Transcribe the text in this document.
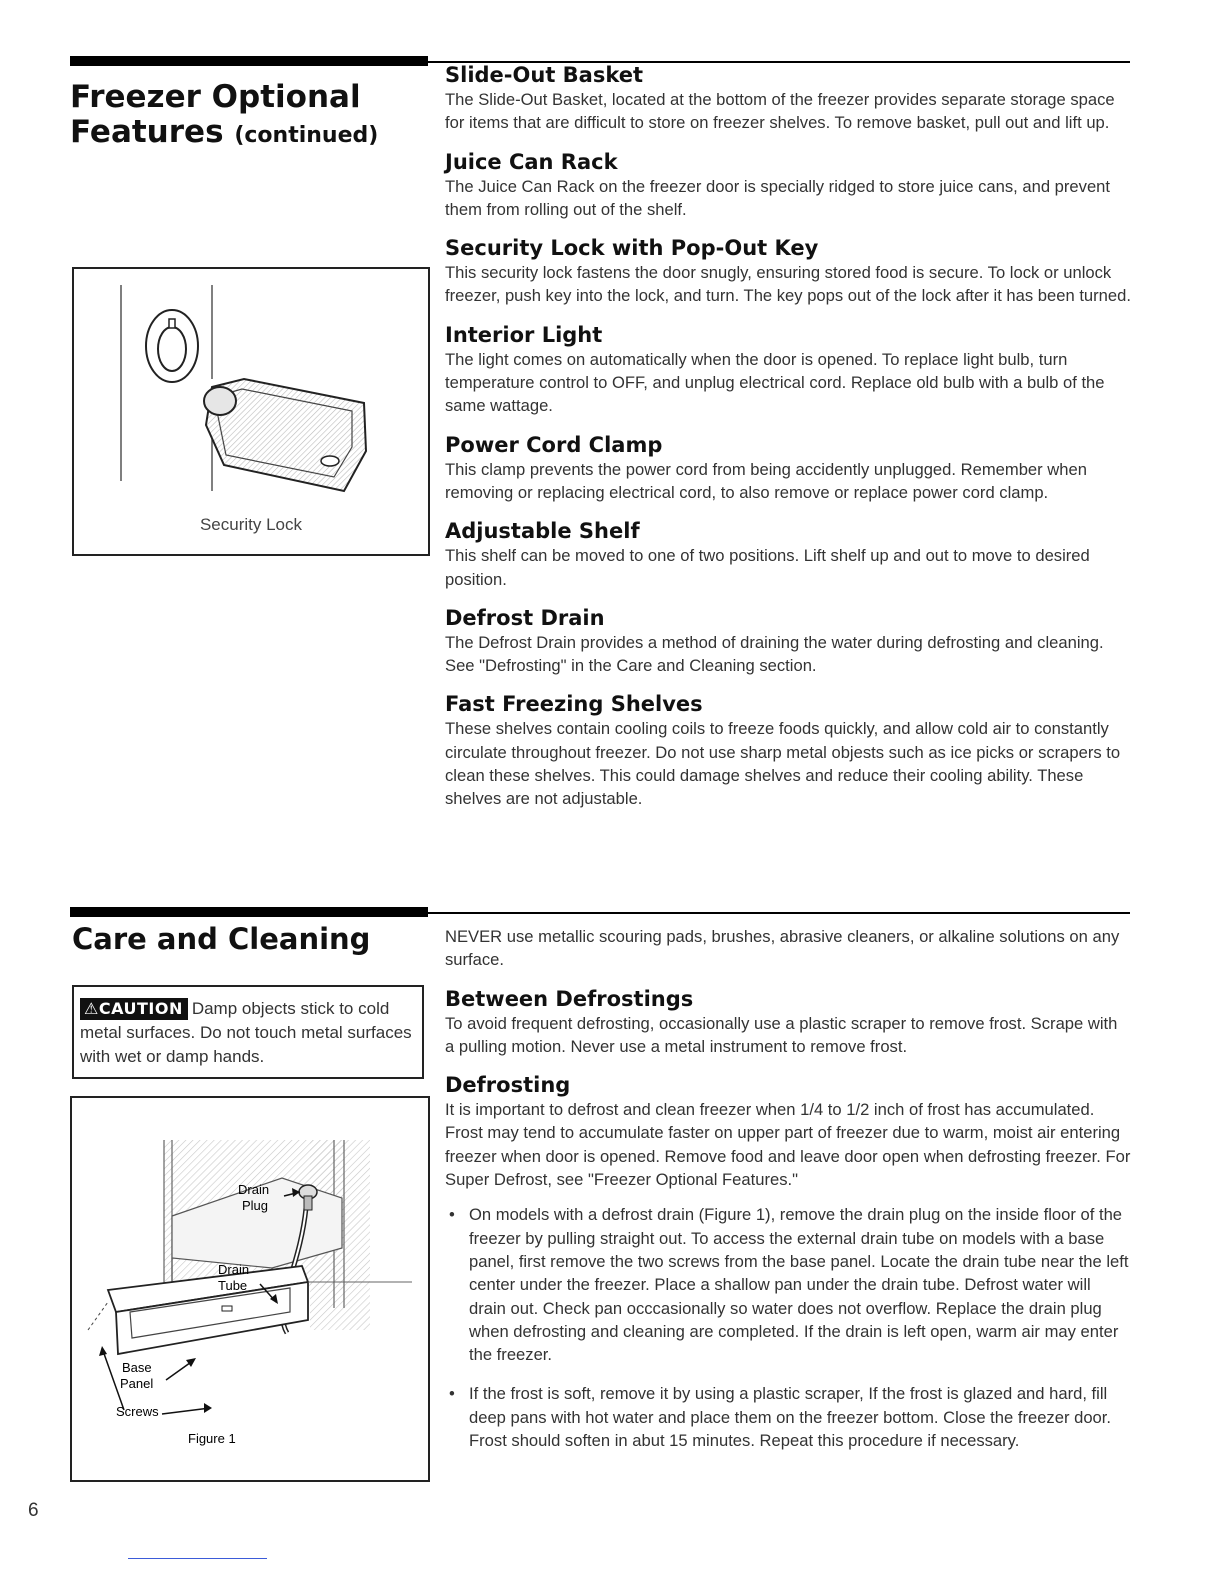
Freezer Optional
Features (continued)
Security Lock
Slide-Out Basket

The Slide-Out Basket, located at the bottom of the freezer provides separate storage space for items that are difficult to store on freezer shelves. To remove basket, pull out and lift up.

Juice Can Rack

The Juice Can Rack on the freezer door is specially ridged to store juice cans, and prevent them from rolling out of the shelf.

Security Lock with Pop-Out Key

This security lock fastens the door snugly, ensuring stored food is secure. To lock or unlock freezer, push key into the lock, and turn. The key pops out of the lock after it has been turned.

Interior Light

The light comes on automatically when the door is opened. To replace light bulb, turn temperature control to OFF, and unplug electrical cord. Replace old bulb with a bulb of the same wattage.

Power Cord Clamp

This clamp prevents the power cord from being accidently unplugged. Remember when removing or replacing electrical cord, to also remove or replace power cord clamp.

Adjustable Shelf

This shelf can be moved to one of two positions. Lift shelf up and out to move to desired position.

Defrost Drain

The Defrost Drain provides a method of draining the water during defrosting and cleaning. See "Defrosting" in the Care and Cleaning section.

Fast Freezing Shelves

These shelves contain cooling coils to freeze foods quickly, and allow cold air to constantly circulate throughout freezer. Do not use sharp metal objests such as ice picks or scrapers to clean these shelves. This could damage shelves and reduce their cooling ability. These shelves are not adjustable.

Care and Cleaning
⚠CAUTION Damp objects stick to cold metal surfaces. Do not touch metal surfaces with wet or damp hands.
Drain
Plug
Drain
Tube
Base
Panel
Screws
Figure 1

NEVER use metallic scouring pads, brushes, abrasive cleaners, or alkaline solutions on any surface.

Between Defrostings

To avoid frequent defrosting, occasionally use a plastic scraper to remove frost. Scrape with a pulling motion. Never use a metal instrument to remove frost.

Defrosting

It is important to defrost and clean freezer when 1/4 to 1/2 inch of frost has accumulated. Frost may tend to accumulate faster on upper part of freezer due to warm, moist air entering freezer when door is opened. Remove food and leave door open when defrosting freezer. For Super Defrost, see "Freezer Optional Features."

• On models with a defrost drain (Figure 1), remove the drain plug on the inside floor of the freezer by pulling straight out. To access the external drain tube on models with a base panel, first remove the two screws from the base panel. Locate the drain tube near the left center under the freezer. Place a shallow pan under the drain tube. Defrost water will drain out. Check pan occcasionally so water does not overflow. Replace the drain plug when defrosting and cleaning are completed. If the drain is left open, warm air may enter the freezer.
• If the frost is soft, remove it by using a plastic scraper, If the frost is glazed and hard, fill deep pans with hot water and place them on the freezer bottom. Close the freezer door. Frost should soften in abut 15 minutes. Repeat this procedure if necessary.
6
